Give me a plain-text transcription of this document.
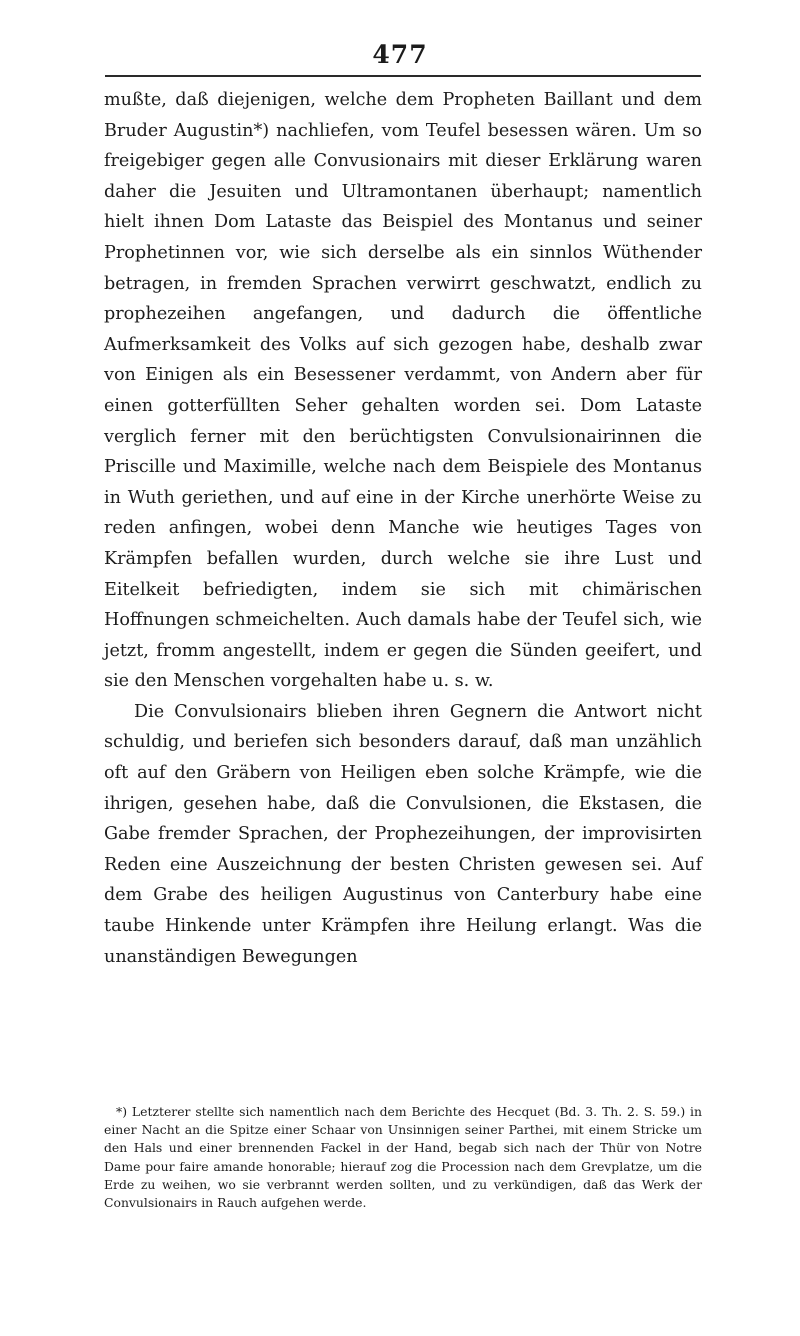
477

mußte, daß diejenigen, welche dem Propheten Baillant und dem Bruder Augustin*) nachliefen, vom Teufel besessen wären. Um so freigebiger gegen alle Convusionairs mit dieser Erklärung waren daher die Jesuiten und Ultramontanen überhaupt; namentlich hielt ihnen Dom Lataste das Beispiel des Montanus und seiner Prophetinnen vor, wie sich derselbe als ein sinnlos Wüthender betragen, in fremden Sprachen verwirrt geschwatzt, endlich zu prophezeihen angefangen, und dadurch die öffentliche Aufmerksamkeit des Volks auf sich gezogen habe, deshalb zwar von Einigen als ein Besessener verdammt, von Andern aber für einen gotterfüllten Seher gehalten worden sei. Dom Lataste verglich ferner mit den berüchtigsten Convulsionairinnen die Priscille und Maximille, welche nach dem Beispiele des Montanus in Wuth geriethen, und auf eine in der Kirche unerhörte Weise zu reden anfingen, wobei denn Manche wie heutiges Tages von Krämpfen befallen wurden, durch welche sie ihre Lust und Eitelkeit befriedigten, indem sie sich mit chimärischen Hoffnungen schmeichelten. Auch damals habe der Teufel sich, wie jetzt, fromm angestellt, indem er gegen die Sünden geeifert, und sie den Menschen vorgehalten habe u. s. w.

Die Convulsionairs blieben ihren Gegnern die Antwort nicht schuldig, und beriefen sich besonders darauf, daß man unzählich oft auf den Gräbern von Heiligen eben solche Krämpfe, wie die ihrigen, gesehen habe, daß die Convulsionen, die Ekstasen, die Gabe fremder Sprachen, der Prophezeihungen, der improvisirten Reden eine Auszeichnung der besten Christen gewesen sei. Auf dem Grabe des heiligen Augustinus von Canterbury habe eine taube Hinkende unter Krämpfen ihre Heilung erlangt. Was die unanständigen Bewegungen

*) Letzterer stellte sich namentlich nach dem Berichte des Hecquet (Bd. 3. Th. 2. S. 59.) in einer Nacht an die Spitze einer Schaar von Unsinnigen seiner Parthei, mit einem Stricke um den Hals und einer brennenden Fackel in der Hand, begab sich nach der Thür von Notre Dame pour faire amande honorable; hierauf zog die Procession nach dem Grevplatze, um die Erde zu weihen, wo sie verbrannt werden sollten, und zu verkündigen, daß das Werk der Convulsionairs in Rauch aufgehen werde.
